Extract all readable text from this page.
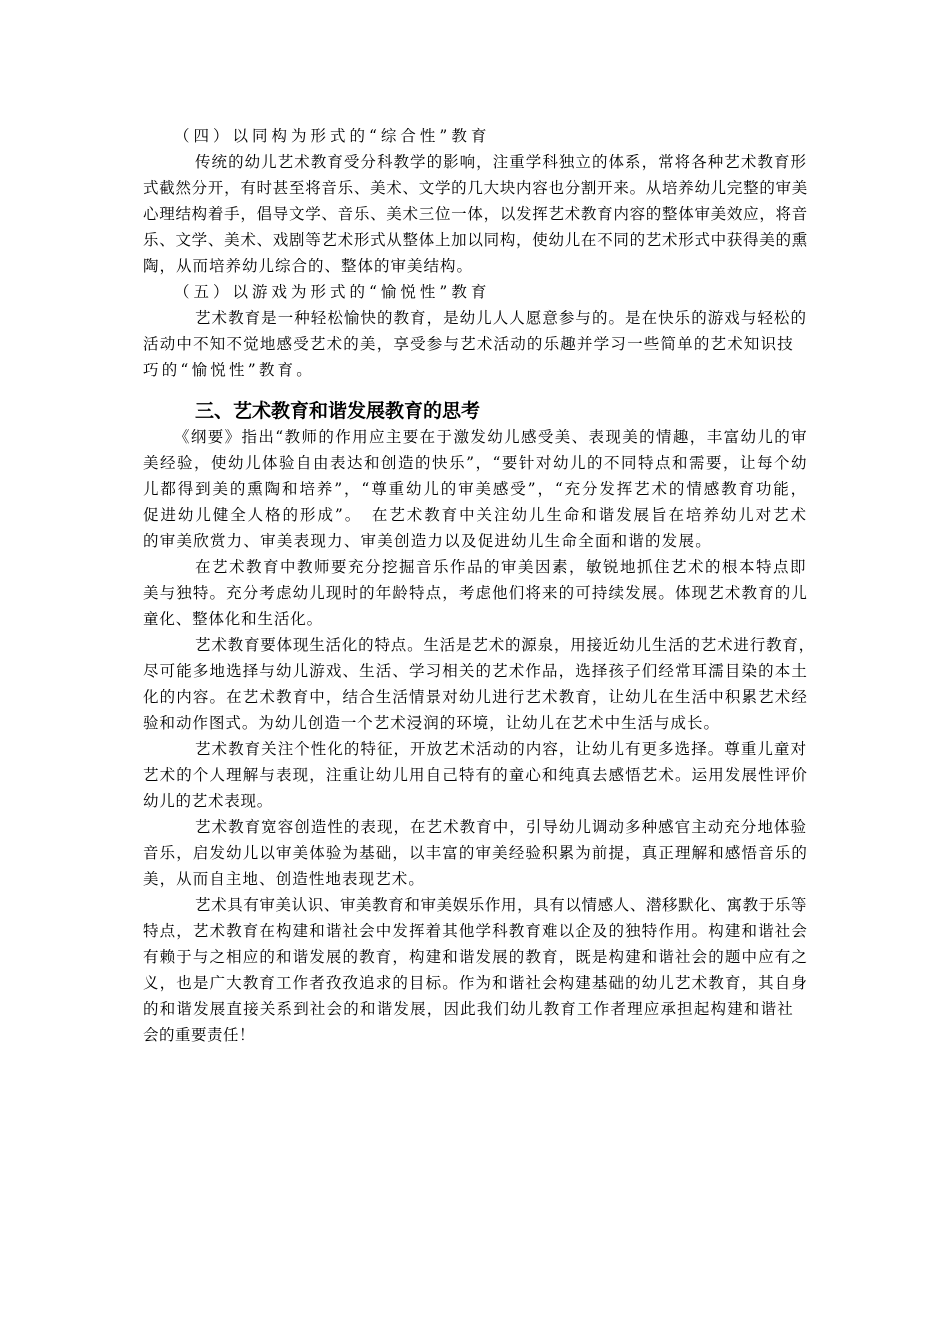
（四）以同构为形式的“综合性”教育
传统的幼儿艺术教育受分科教学的影响，注重学科独立的体系，常将各种艺术教育形
式截然分开，有时甚至将音乐、美术、文学的几大块内容也分割开来。从培养幼儿完整的审美
心理结构着手，倡导文学、音乐、美术三位一体，以发挥艺术教育内容的整体审美效应，将音
乐、文学、美术、戏剧等艺术形式从整体上加以同构，使幼儿在不同的艺术形式中获得美的熏
陶，从而培养幼儿综合的、整体的审美结构。
（五）以游戏为形式的“愉悦性”教育
艺术教育是一种轻松愉快的教育，是幼儿人人愿意参与的。是在快乐的游戏与轻松的
活动中不知不觉地感受艺术的美，享受参与艺术活动的乐趣并学习一些简单的艺术知识技
巧的“愉悦性”教育。
三、艺术教育和谐发展教育的思考
《纲要》指出“教师的作用应主要在于激发幼儿感受美、表现美的情趣，丰富幼儿的审
美经验，使幼儿体验自由表达和创造的快乐”，“要针对幼儿的不同特点和需要，让每个幼
儿都得到美的熏陶和培养”，“尊重幼儿的审美感受”，“充分发挥艺术的情感教育功能，
促进幼儿健全人格的形成”。　在艺术教育中关注幼儿生命和谐发展旨在培养幼儿对艺术
的审美欣赏力、审美表现力、审美创造力以及促进幼儿生命全面和谐的发展。
在艺术教育中教师要充分挖掘音乐作品的审美因素，敏锐地抓住艺术的根本特点即
美与独特。充分考虑幼儿现时的年龄特点，考虑他们将来的可持续发展。体现艺术教育的儿
童化、整体化和生活化。
艺术教育要体现生活化的特点。生活是艺术的源泉，用接近幼儿生活的艺术进行教育，
尽可能多地选择与幼儿游戏、生活、学习相关的艺术作品，选择孩子们经常耳濡目染的本土
化的内容。在艺术教育中，结合生活情景对幼儿进行艺术教育，让幼儿在生活中积累艺术经
验和动作图式。为幼儿创造一个艺术浸润的环境，让幼儿在艺术中生活与成长。
艺术教育关注个性化的特征，开放艺术活动的内容，让幼儿有更多选择。尊重儿童对
艺术的个人理解与表现，注重让幼儿用自己特有的童心和纯真去感悟艺术。运用发展性评价
幼儿的艺术表现。
艺术教育宽容创造性的表现，在艺术教育中，引导幼儿调动多种感官主动充分地体验
音乐，启发幼儿以审美体验为基础，以丰富的审美经验积累为前提，真正理解和感悟音乐的
美，从而自主地、创造性地表现艺术。
艺术具有审美认识、审美教育和审美娱乐作用，具有以情感人、潜移默化、寓教于乐等
特点，艺术教育在构建和谐社会中发挥着其他学科教育难以企及的独特作用。构建和谐社会
有赖于与之相应的和谐发展的教育，构建和谐发展的教育，既是构建和谐社会的题中应有之
义，也是广大教育工作者孜孜追求的目标。作为和谐社会构建基础的幼儿艺术教育，其自身
的和谐发展直接关系到社会的和谐发展，因此我们幼儿教育工作者理应承担起构建和谐社
会的重要责任！
